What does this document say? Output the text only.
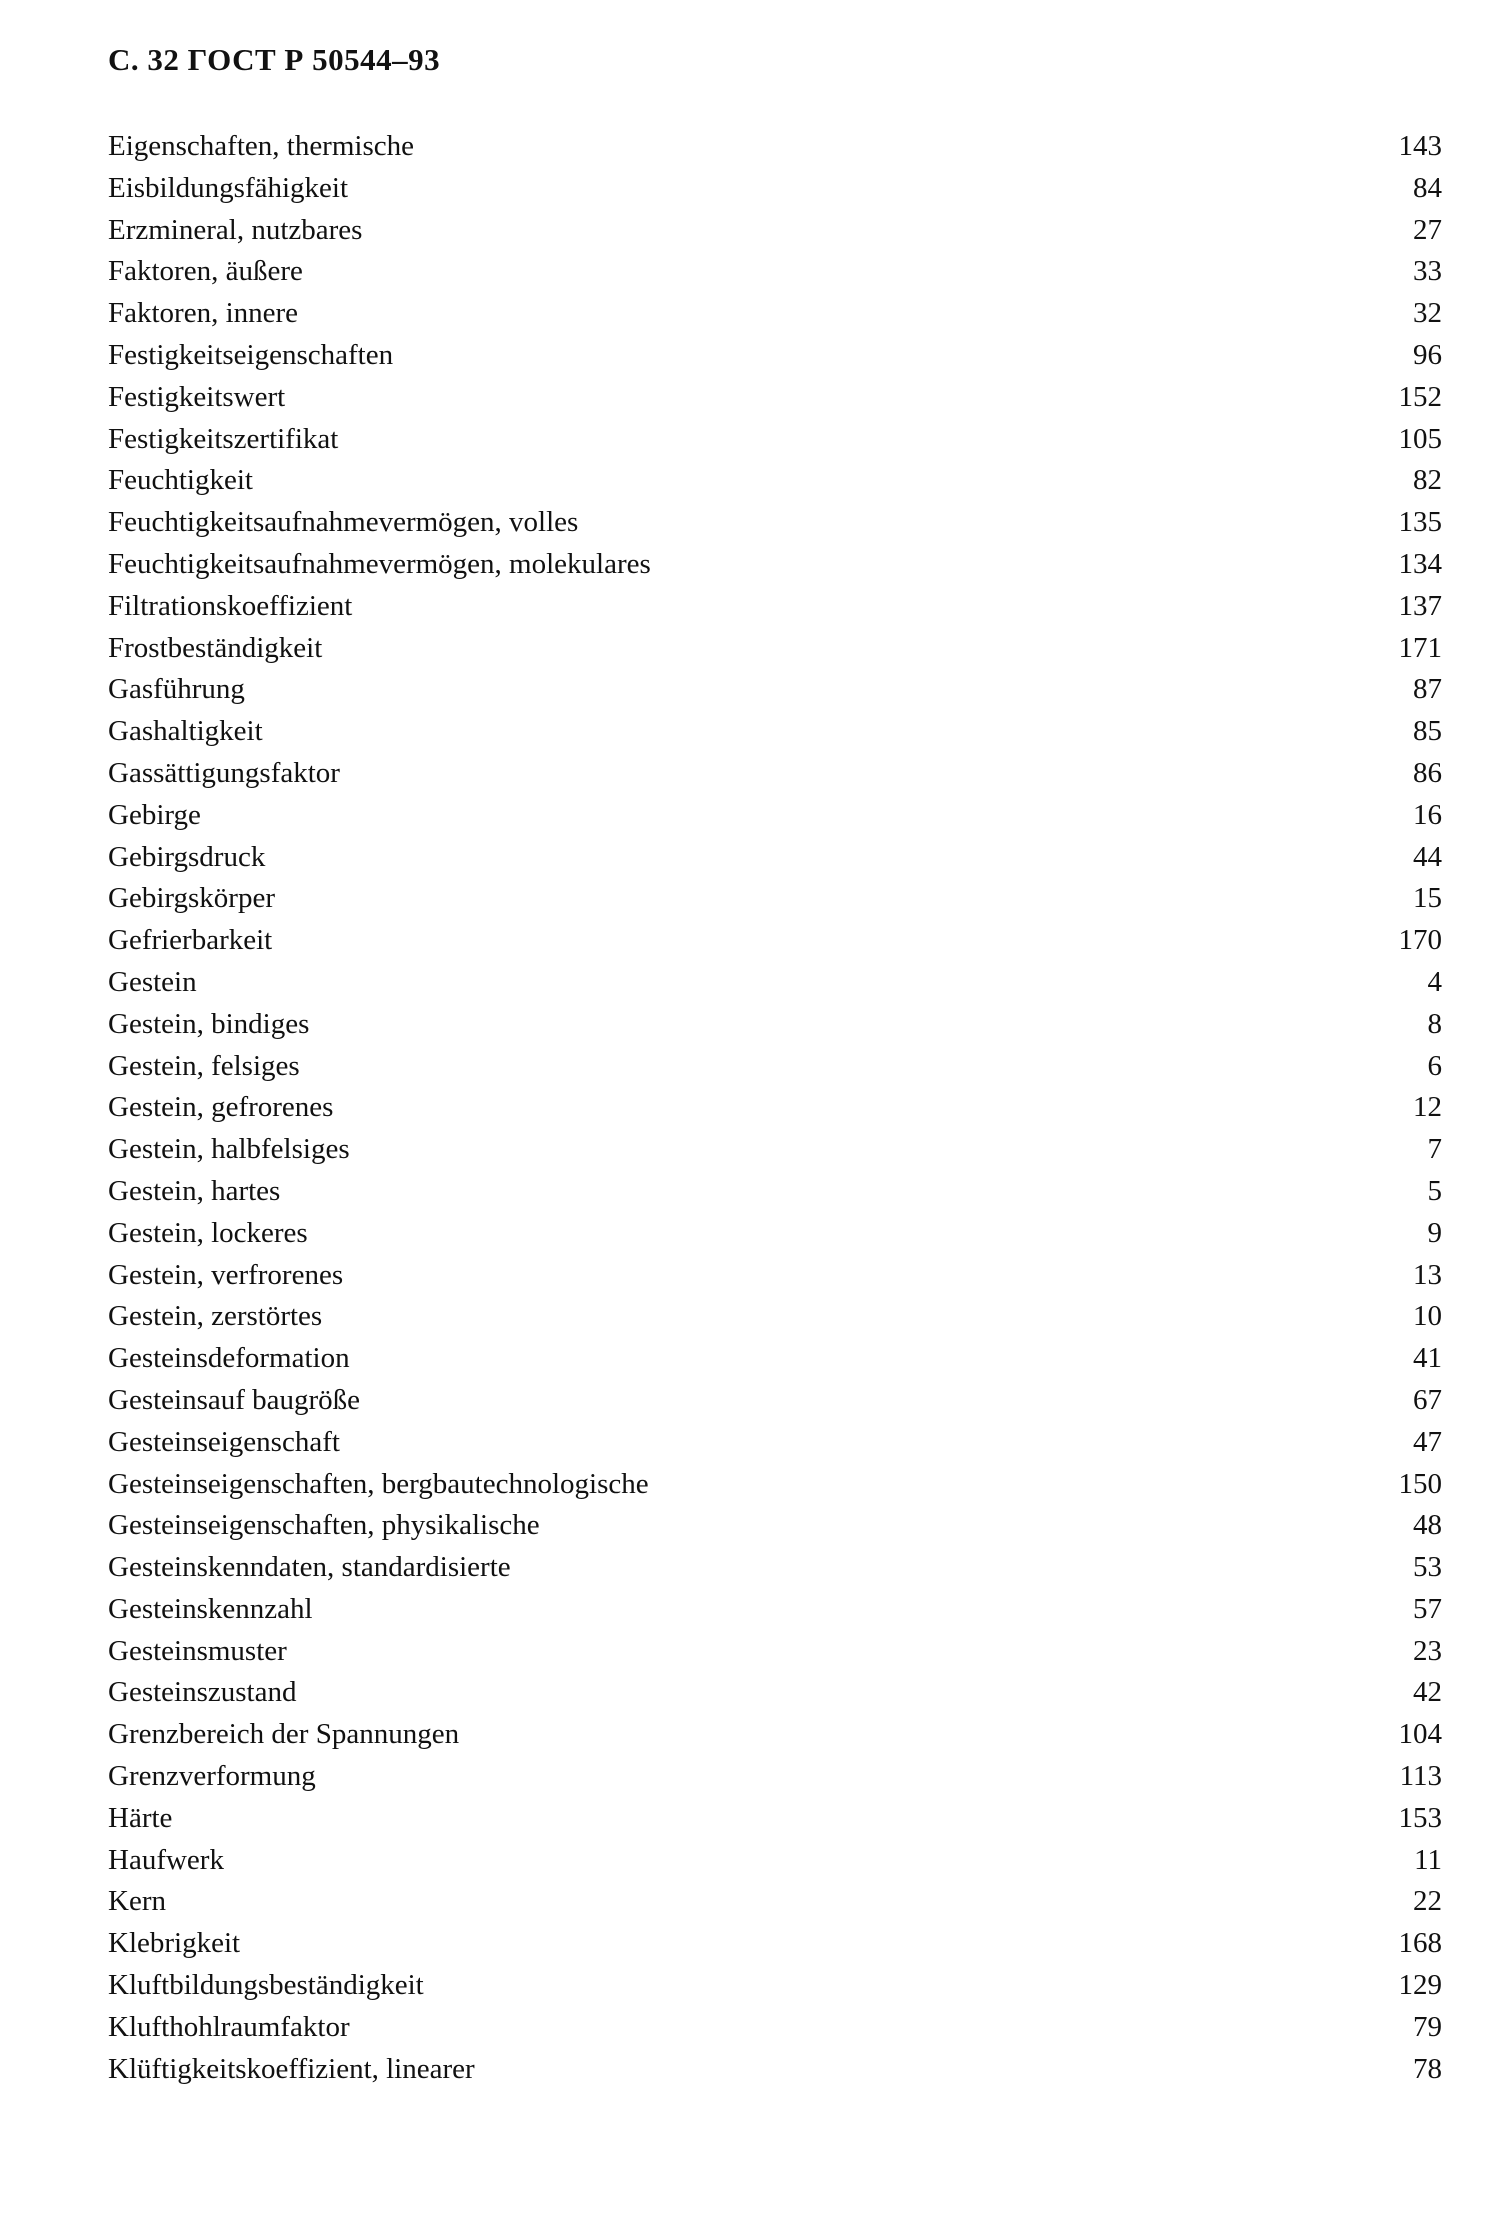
С. 32 ГОСТ Р 50544–93
Eigenschaften, thermische	143
Eisbildungsfähigkeit	84
Erzmineral, nutzbares	27
Faktoren, äußere	33
Faktoren, innere	32
Festigkeitseigenschaften	96
Festigkeitswert	152
Festigkeitszertifikat	105
Feuchtigkeit	82
Feuchtigkeitsaufnahmevermögen, volles	135
Feuchtigkeitsaufnahmevermögen, molekulares	134
Filtrationskoeffizient	137
Frostbeständigkeit	171
Gasführung	87
Gashaltigkeit	85
Gassättigungsfaktor	86
Gebirge	16
Gebirgsdruck	44
Gebirgskörper	15
Gefrierbarkeit	170
Gestein	4
Gestein, bindiges	8
Gestein, felsiges	6
Gestein, gefrorenes	12
Gestein, halbfelsiges	7
Gestein, hartes	5
Gestein, lockeres	9
Gestein, verfrorenes	13
Gestein, zerstörtes	10
Gesteinsdeformation	41
Gesteinsauf baugröße	67
Gesteinseigenschaft	47
Gesteinseigenschaften, bergbautechnologische	150
Gesteinseigenschaften, physikalische	48
Gesteinskenndaten, standardisierte	53
Gesteinskennzahl	57
Gesteinsmuster	23
Gesteinszustand	42
Grenzbereich der Spannungen	104
Grenzverformung	113
Härte	153
Haufwerk	11
Kern	22
Klebrigkeit	168
Kluftbildungsbeständigkeit	129
Klufthohlraumfaktor	79
Klüftigkeitskoeffizient, linearer	78
